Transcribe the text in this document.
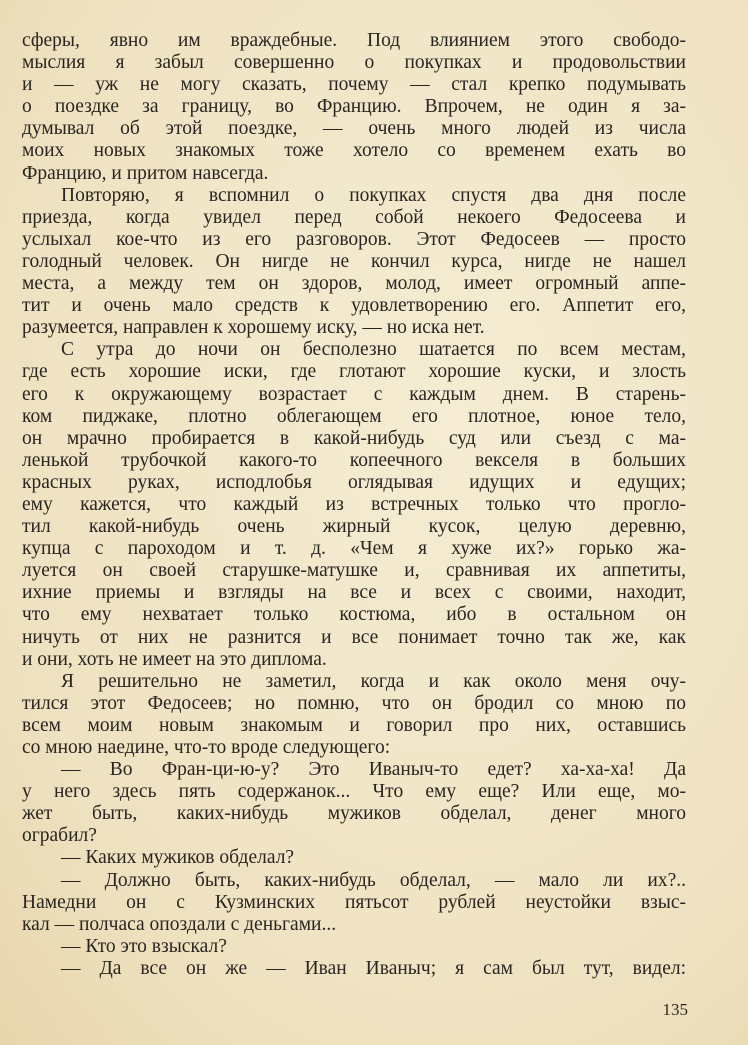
сферы, явно им враждебные. Под влиянием этого свободо-
мыслия я забыл совершенно о покупках и продовольствии
и — уж не могу сказать, почему — стал крепко подумывать
о поездке за границу, во Францию. Впрочем, не один я за-
думывал об этой поездке, — очень много людей из числа
моих новых знакомых тоже хотело со временем ехать во
Францию, и притом навсегда.
Повторяю, я вспомнил о покупках спустя два дня после
приезда, когда увидел перед собой некоего Федосеева и
услыхал кое-что из его разговоров. Этот Федосеев — просто
голодный человек. Он нигде не кончил курса, нигде не нашел
места, а между тем он здоров, молод, имеет огромный аппе-
тит и очень мало средств к удовлетворению его. Аппетит его,
разумеется, направлен к хорошему иску, — но иска нет.
С утра до ночи он бесполезно шатается по всем местам,
где есть хорошие иски, где глотают хорошие куски, и злость
его к окружающему возрастает с каждым днем. В старень-
ком пиджаке, плотно облегающем его плотное, юное тело,
он мрачно пробирается в какой-нибудь суд или съезд с ма-
ленькой трубочкой какого-то копеечного векселя в больших
красных руках, исподлобья оглядывая идущих и едущих;
ему кажется, что каждый из встречных только что прогло-
тил какой-нибудь очень жирный кусок, целую деревню,
купца с пароходом и т. д. «Чем я хуже их?» горько жа-
луется он своей старушке-матушке и, сравнивая их аппетиты,
ихние приемы и взгляды на все и всех с своими, находит,
что ему нехватает только костюма, ибо в остальном он
ничуть от них не разнится и все понимает точно так же, как
и они, хоть не имеет на это диплома.
Я решительно не заметил, когда и как около меня очу-
тился этот Федосеев; но помню, что он бродил со мною по
всем моим новым знакомым и говорил про них, оставшись
со мною наедине, что-то вроде следующего:
— Во Фран-ци-ю-у? Это Иваныч-то едет? ха-ха-ха! Да
у него здесь пять содержанок... Что ему еще? Или еще, мо-
жет быть, каких-нибудь мужиков обделал, денег много
ограбил?
— Каких мужиков обделал?
— Должно быть, каких-нибудь обделал, — мало ли их?..
Намедни он с Кузминских пятьсот рублей неустойки взыс-
кал — полчаса опоздали с деньгами...
— Кто это взыскал?
— Да все он же — Иван Иваныч; я сам был тут, видел:
135
